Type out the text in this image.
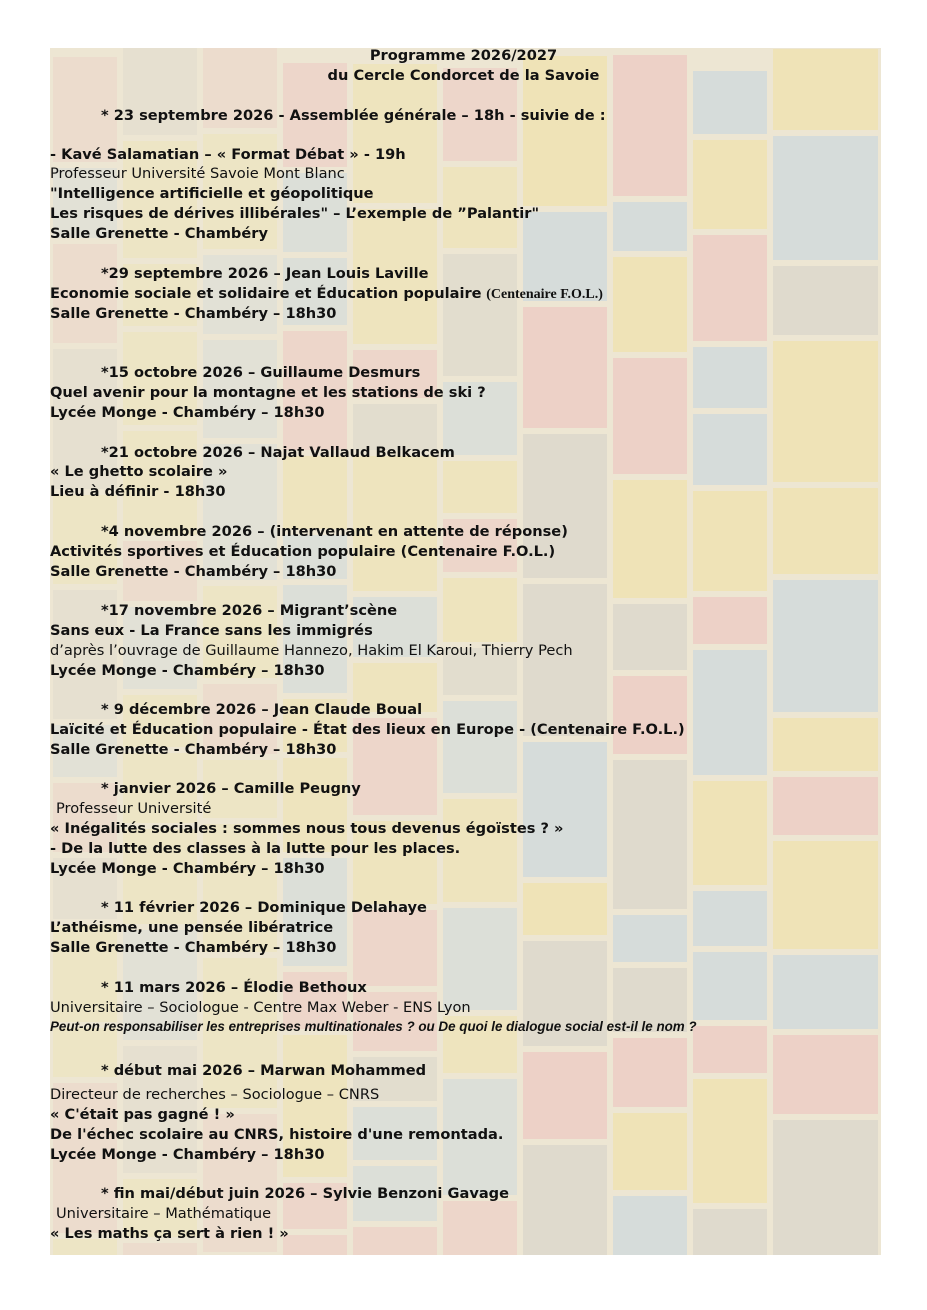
Programme 2026/2027
du Cercle Condorcet de la Savoie
* 23 septembre 2026 - Assemblée générale – 18h - suivie de :
- Kavé Salamatian – « Format Débat » - 19h
Professeur Université Savoie Mont Blanc
"Intelligence artificielle et géopolitique
Les risques de dérives illibérales" – L’exemple de ”Palantir"
Salle Grenette - Chambéry
*29 septembre 2026 – Jean Louis Laville
Economie sociale et solidaire et Éducation populaire (Centenaire F.O.L.)
Salle Grenette - Chambéry – 18h30
*15 octobre 2026 – Guillaume Desmurs
Quel avenir pour la montagne et les stations de ski ?
Lycée Monge - Chambéry – 18h30
*21 octobre 2026 – Najat Vallaud Belkacem
« Le ghetto scolaire »
Lieu à définir - 18h30
*4 novembre 2026 – (intervenant en attente de réponse)
Activités sportives et Éducation populaire (Centenaire F.O.L.)
Salle Grenette - Chambéry – 18h30
*17 novembre 2026 – Migrant’scène
Sans eux - La France sans les immigrés
d’après l’ouvrage de Guillaume Hannezo, Hakim El Karoui, Thierry Pech
Lycée Monge - Chambéry – 18h30
* 9 décembre 2026 – Jean Claude Boual
Laïcité et Éducation populaire - État des lieux en Europe - (Centenaire F.O.L.)
Salle Grenette - Chambéry – 18h30
* janvier 2026 – Camille Peugny
Professeur Université
« Inégalités sociales : sommes nous tous devenus égoïstes ? »
- De la lutte des classes à la lutte pour les places.
Lycée Monge - Chambéry – 18h30
* 11 février 2026 – Dominique Delahaye
L’athéisme, une pensée libératrice
Salle Grenette - Chambéry – 18h30
* 11 mars 2026 – Élodie Bethoux
Universitaire – Sociologue - Centre Max Weber - ENS Lyon
Peut-on responsabiliser les entreprises multinationales ? ou De quoi le dialogue social est-il le nom ?
* début mai 2026 – Marwan Mohammed
Directeur de recherches – Sociologue – CNRS
« C'était pas gagné ! »
De l'échec scolaire au CNRS, histoire d'une remontada.
Lycée Monge - Chambéry – 18h30
* fin mai/début juin 2026 – Sylvie Benzoni Gavage
Universitaire – Mathématique
« Les maths ça sert à rien ! »
